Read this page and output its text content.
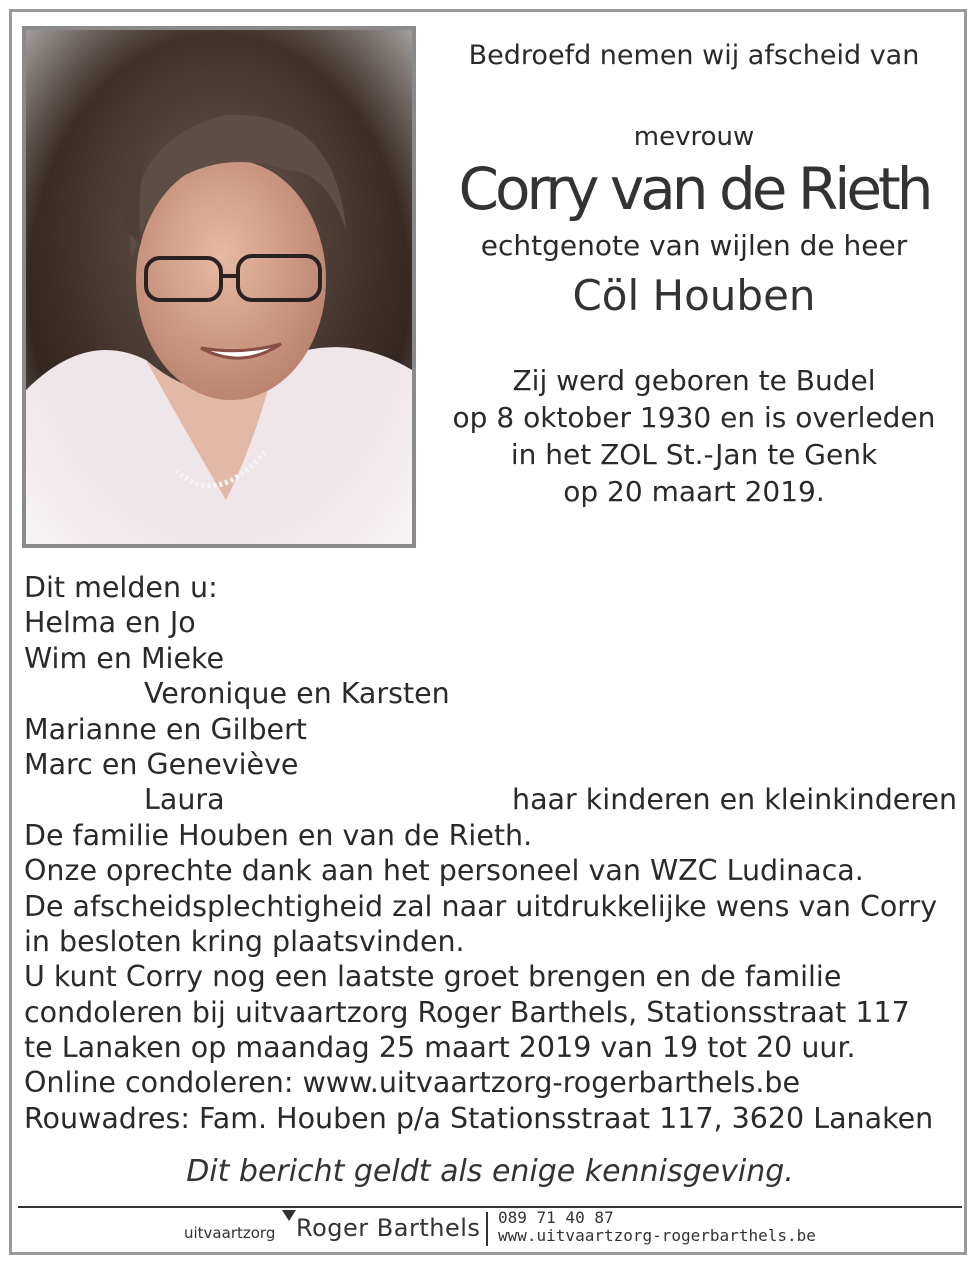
Bedroefd nemen wij afscheid van
mevrouw
Corry van de Rieth
echtgenote van wijlen de heer
Cöl Houben
Zij werd geboren te Budel
op 8 oktober 1930 en is overleden
in het ZOL St.-Jan te Genk
op 20 maart 2019.
Dit melden u:
Helma en Jo
Wim en Mieke
Veronique en Karsten
Marianne en Gilbert
Marc en Geneviève
Laura	haar kinderen en kleinkinderen
De familie Houben en van de Rieth.
Onze oprechte dank aan het personeel van WZC Ludinaca.
De afscheidsplechtigheid zal naar uitdrukkelijke wens van Corry
in besloten kring plaatsvinden.
U kunt Corry nog een laatste groet brengen en de familie
condoleren bij uitvaartzorg Roger Barthels, Stationsstraat 117
te Lanaken op maandag 25 maart 2019 van 19 tot 20 uur.
Online condoleren: www.uitvaartzorg-rogerbarthels.be
Rouwadres: Fam. Houben p/a Stationsstraat 117, 3620 Lanaken
Dit bericht geldt als enige kennisgeving.
uitvaartzorg Roger Barthels 089 71 40 87
www.uitvaartzorg-rogerbarthels.be
